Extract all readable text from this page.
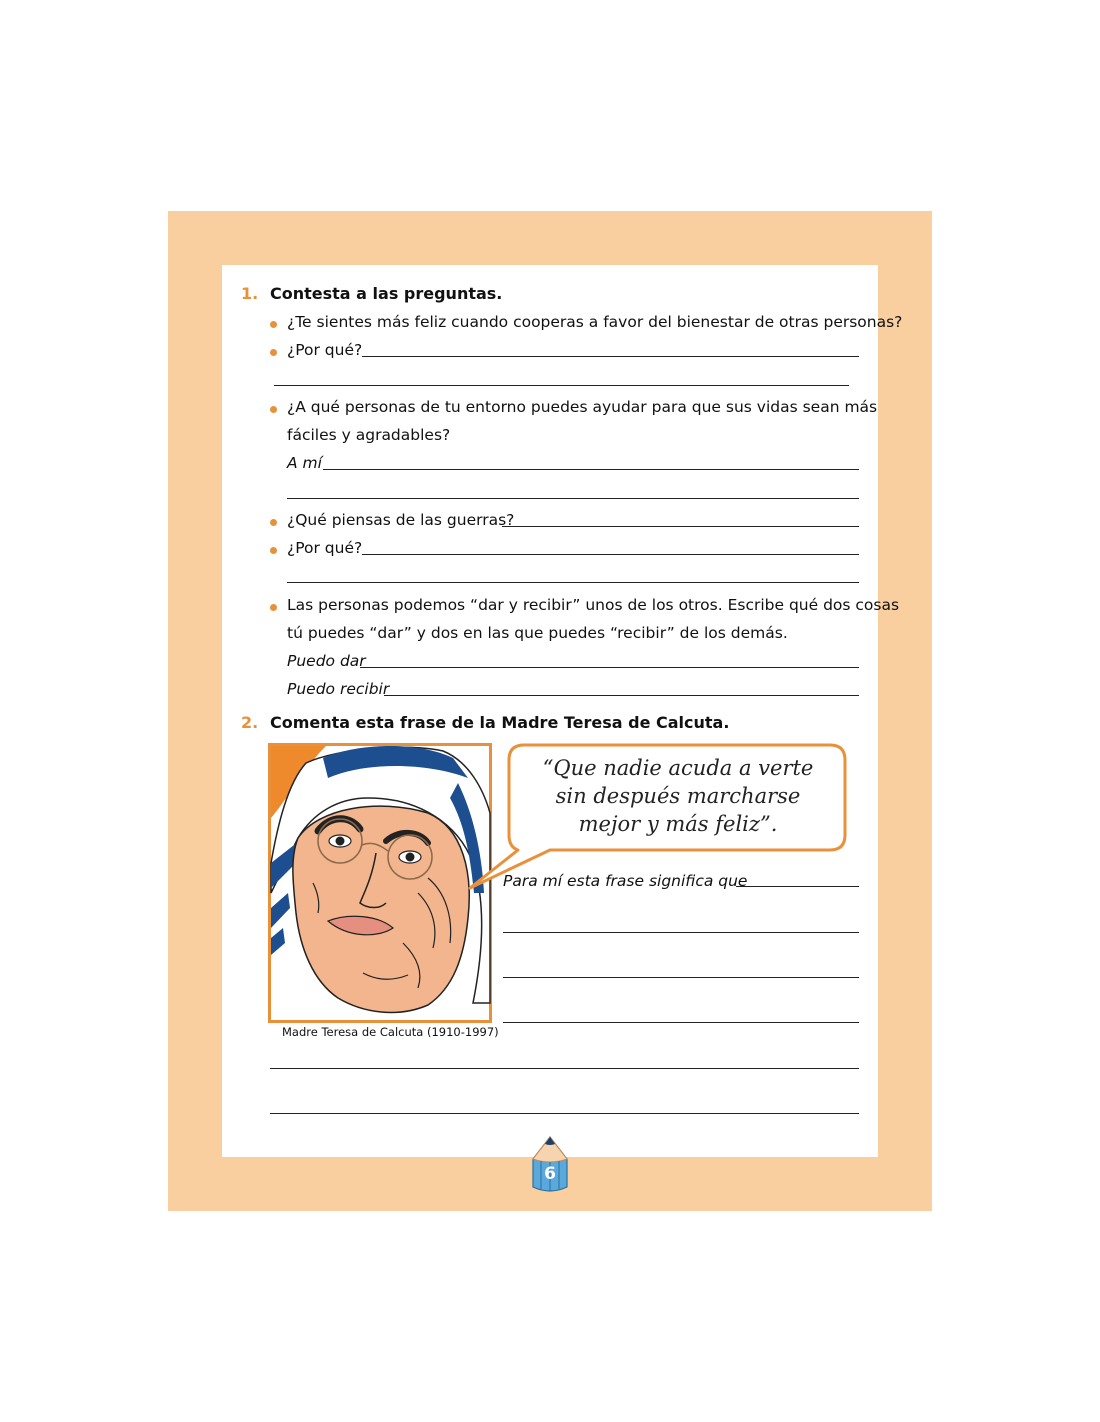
1. Contesta a las preguntas.
¿Te sientes más feliz cuando cooperas a favor del bienestar de otras personas?
¿Por qué?
¿A qué personas de tu entorno puedes ayudar para que sus vidas sean más
fáciles y agradables?
A mí
¿Qué piensas de las guerras?
¿Por qué?
Las personas podemos “dar y recibir” unos de los otros. Escribe qué dos cosas
tú puedes “dar” y dos en las que puedes “recibir” de los demás.
Puedo dar
Puedo recibir
2. Comenta esta frase de la Madre Teresa de Calcuta.
Madre Teresa de Calcuta (1910-1997)
“Que nadie acuda a verte
sin después marcharse
mejor y más feliz”.
Para mí esta frase significa que
6
